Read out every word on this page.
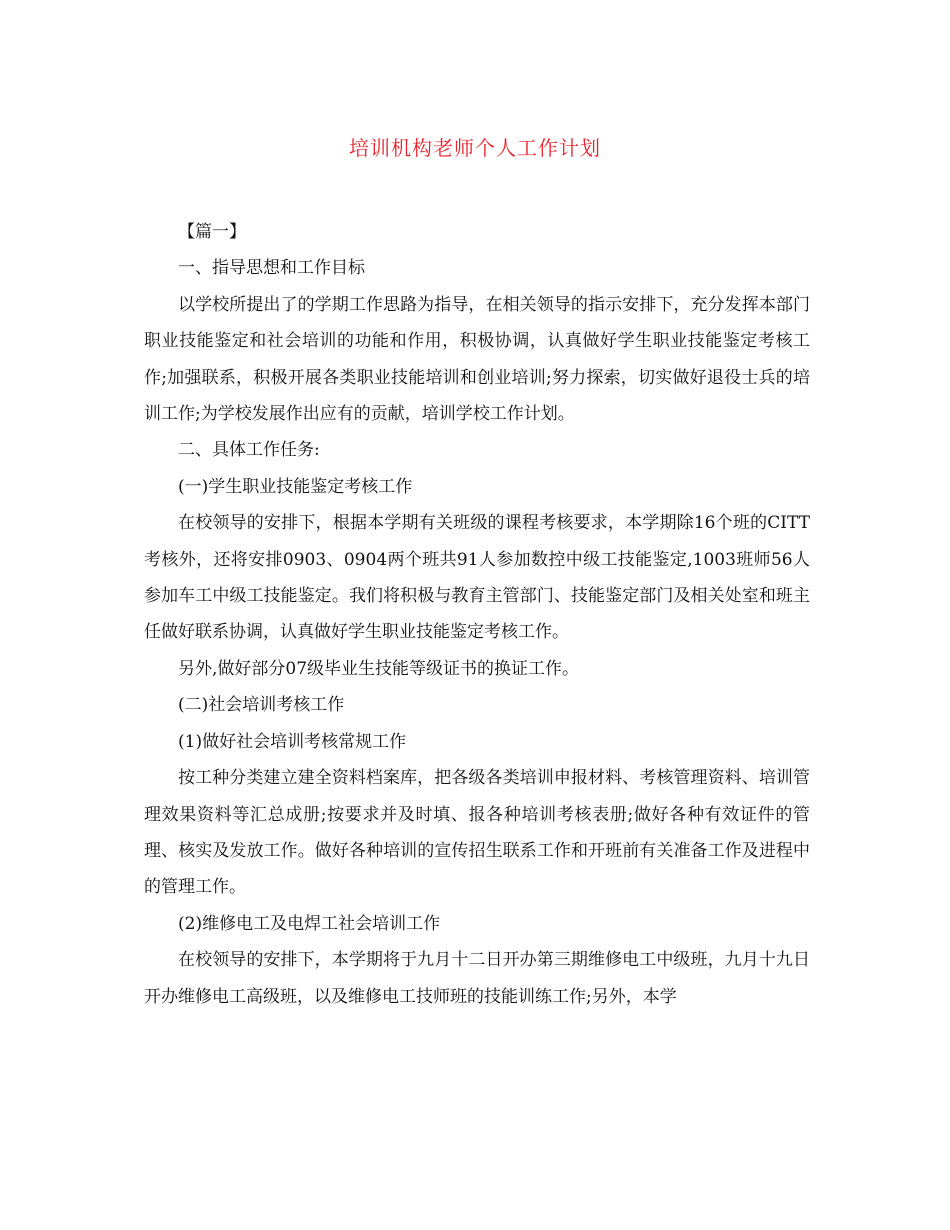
培训机构老师个人工作计划

【篇一】

一、指导思想和工作目标

以学校所提出了的学期工作思路为指导，在相关领导的指示安排下，充分发挥本部门职业技能鉴定和社会培训的功能和作用，积极协调，认真做好学生职业技能鉴定考核工作;加强联系，积极开展各类职业技能培训和创业培训;努力探索，切实做好退役士兵的培训工作;为学校发展作出应有的贡献，培训学校工作计划。

二、具体工作任务:

(一)学生职业技能鉴定考核工作

在校领导的安排下，根据本学期有关班级的课程考核要求，本学期除16个班的CITT考核外，还将安排0903、0904两个班共91人参加数控中级工技能鉴定,1003班师56人参加车工中级工技能鉴定。我们将积极与教育主管部门、技能鉴定部门及相关处室和班主任做好联系协调，认真做好学生职业技能鉴定考核工作。

另外,做好部分07级毕业生技能等级证书的换证工作。

(二)社会培训考核工作

(1)做好社会培训考核常规工作

按工种分类建立建全资料档案库，把各级各类培训申报材料、考核管理资料、培训管理效果资料等汇总成册;按要求并及时填、报各种培训考核表册;做好各种有效证件的管理、核实及发放工作。做好各种培训的宣传招生联系工作和开班前有关准备工作及进程中的管理工作。

(2)维修电工及电焊工社会培训工作

在校领导的安排下，本学期将于九月十二日开办第三期维修电工中级班，九月十九日开办维修电工高级班，以及维修电工技师班的技能训练工作;另外，本学
